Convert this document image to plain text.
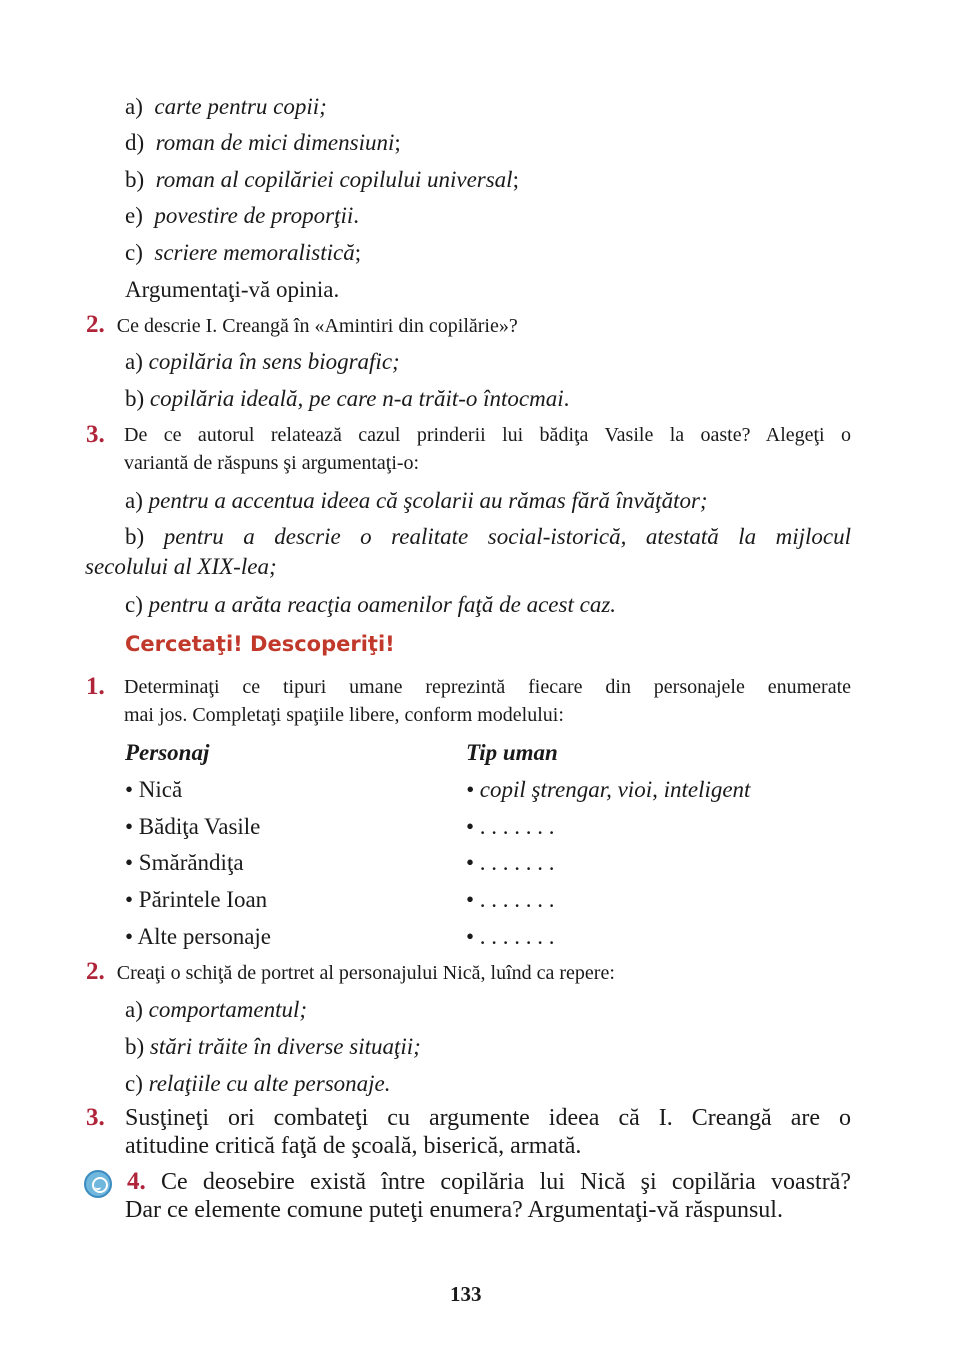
a) carte pentru copii;
d) roman de mici dimensiuni;
b) roman al copilăriei copilului universal;
e) povestire de proporţii.
c) scriere memoralistică;
Argumentaţi-vă opinia.
2. Ce descrie I. Creangă în «Amintiri din copilărie»?
a) copilăria în sens biografic;
b) copilăria ideală, pe care n-a trăit-o întocmai.
3. De ce autorul relatează cazul prinderii lui bădiţa Vasile la oaste? Alegeţi o
variantă de răspuns şi argumentaţi-o:
a) pentru a accentua ideea că şcolarii au rămas fără învăţător;
b) pentru a descrie o realitate social-istorică, atestată la mijlocul
secolului al XIX-lea;
c) pentru a arăta reacţia oamenilor faţă de acest caz.
Cercetaţi! Descoperiţi!
1. Determinaţi ce tipuri umane reprezintă fiecare din personajele enumerate
mai jos. Completaţi spaţiile libere, conform modelului:
Personaj	Tip uman
• Nică	• copil ştrengar, vioi, inteligent
• Bădiţa Vasile	• . . . . . . .
• Smărăndiţa	• . . . . . . .
• Părintele Ioan	• . . . . . . .
• Alte personaje	• . . . . . . .
2. Creaţi o schiţă de portret al personajului Nică, luînd ca repere:
a) comportamentul;
b) stări trăite în diverse situaţii;
c) relaţiile cu alte personaje.
3. Susţineţi ori combateţi cu argumente ideea că I. Creangă are o
atitudine critică faţă de şcoală, biserică, armată.
4. Ce deosebire există între copilăria lui Nică şi copilăria voastră?
Dar ce elemente comune puteţi enumera? Argumentaţi-vă răspunsul.
133
